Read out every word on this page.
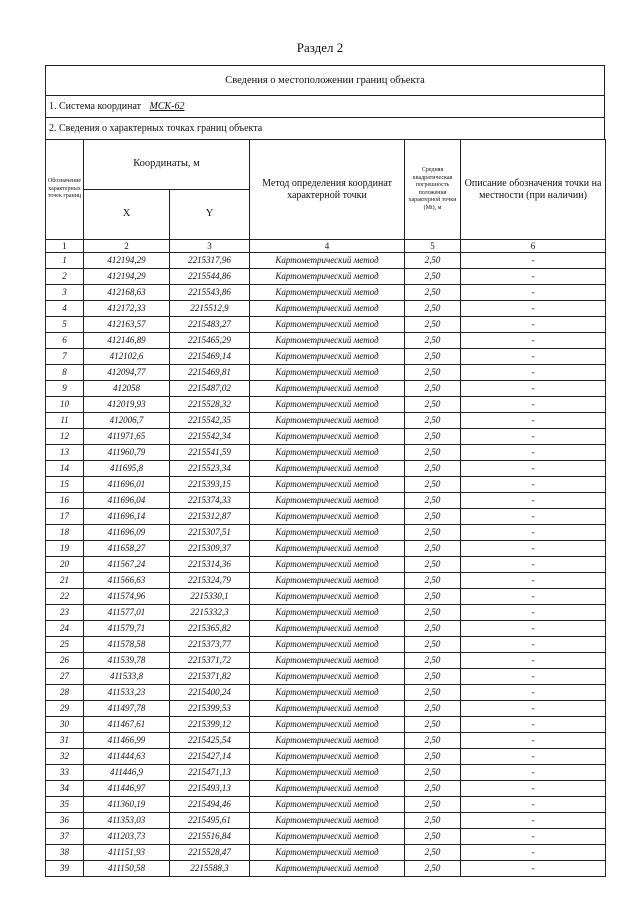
Раздел 2
Сведения о местоположении границ объекта
1. Система координат МСК-62
2. Сведения о характерных точках границ объекта
Обозначение характерных точек границ	Координаты, м		Метод определения координат характерной точки	Средняя квадратическая погрешность положения характерной точки (Mt), м	Описание обозначения точки на местности (при наличии)
	X	Y			
1	2	3	4	5	6
1	412194,29	2215317,96	Картометрический метод	2,50	-
2	412194,29	2215544,86	Картометрический метод	2,50	-
3	412168,63	2215543,86	Картометрический метод	2,50	-
4	412172,33	2215512,9	Картометрический метод	2,50	-
5	412163,57	2215483,27	Картометрический метод	2,50	-
6	412146,89	2215465,29	Картометрический метод	2,50	-
7	412102,6	2215469,14	Картометрический метод	2,50	-
8	412094,77	2215469,81	Картометрический метод	2,50	-
9	412058	2215487,02	Картометрический метод	2,50	-
10	412019,93	2215528,32	Картометрический метод	2,50	-
11	412006,7	2215542,35	Картометрический метод	2,50	-
12	411971,65	2215542,34	Картометрический метод	2,50	-
13	411960,79	2215541,59	Картометрический метод	2,50	-
14	411695,8	2215523,34	Картометрический метод	2,50	-
15	411696,01	2215393,15	Картометрический метод	2,50	-
16	411696,04	2215374,33	Картометрический метод	2,50	-
17	411696,14	2215312,87	Картометрический метод	2,50	-
18	411696,09	2215307,51	Картометрический метод	2,50	-
19	411658,27	2215309,37	Картометрический метод	2,50	-
20	411567,24	2215314,36	Картометрический метод	2,50	-
21	411566,63	2215324,79	Картометрический метод	2,50	-
22	411574,96	2215330,1	Картометрический метод	2,50	-
23	411577,01	2215332,3	Картометрический метод	2,50	-
24	411579,71	2215365,82	Картометрический метод	2,50	-
25	411578,58	2215373,77	Картометрический метод	2,50	-
26	411539,78	2215371,72	Картометрический метод	2,50	-
27	411533,8	2215371,82	Картометрический метод	2,50	-
28	411533,23	2215400,24	Картометрический метод	2,50	-
29	411497,78	2215399,53	Картометрический метод	2,50	-
30	411467,61	2215399,12	Картометрический метод	2,50	-
31	411466,99	2215425,54	Картометрический метод	2,50	-
32	411444,63	2215427,14	Картометрический метод	2,50	-
33	411446,9	2215471,13	Картометрический метод	2,50	-
34	411446,97	2215493,13	Картометрический метод	2,50	-
35	411360,19	2215494,46	Картометрический метод	2,50	-
36	411353,03	2215495,61	Картометрический метод	2,50	-
37	411203,73	2215516,84	Картометрический метод	2,50	-
38	411151,93	2215528,47	Картометрический метод	2,50	-
39	411150,58	2215588,3	Картометрический метод	2,50	-
